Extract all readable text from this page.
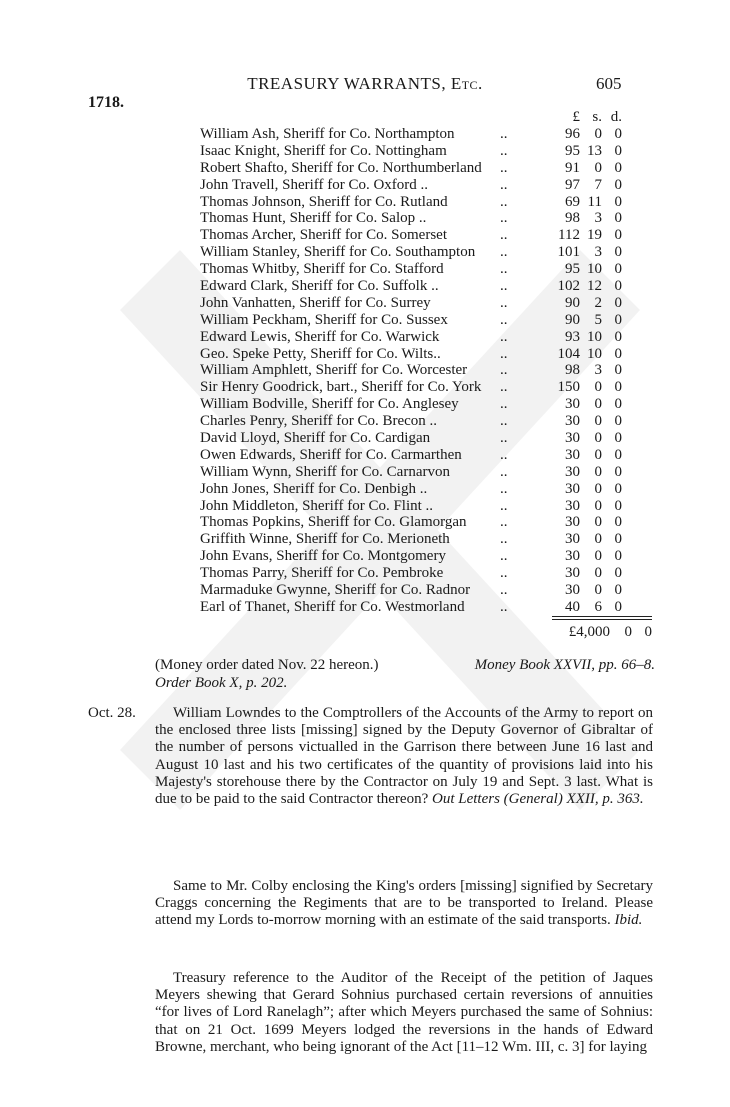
TREASURY WARRANTS, Etc.	605
1718.
£ s. d.
William Ash, Sheriff for Co. Northampton	..	96 0 0
Isaac Knight, Sheriff for Co. Nottingham	..	95 13 0
Robert Shafto, Sheriff for Co. Northumberland	..	91 0 0
John Travell, Sheriff for Co. Oxford ..	..	97 7 0
Thomas Johnson, Sheriff for Co. Rutland	..	69 11 0
Thomas Hunt, Sheriff for Co. Salop ..	..	98 3 0
Thomas Archer, Sheriff for Co. Somerset	..	112 19 0
William Stanley, Sheriff for Co. Southampton	..	101 3 0
Thomas Whitby, Sheriff for Co. Stafford	..	95 10 0
Edward Clark, Sheriff for Co. Suffolk ..	..	102 12 0
John Vanhatten, Sheriff for Co. Surrey	..	90 2 0
William Peckham, Sheriff for Co. Sussex	..	90 5 0
Edward Lewis, Sheriff for Co. Warwick	..	93 10 0
Geo. Speke Petty, Sheriff for Co. Wilts..	..	104 10 0
William Amphlett, Sheriff for Co. Worcester	..	98 3 0
Sir Henry Goodrick, bart., Sheriff for Co. York	..	150 0 0
William Bodville, Sheriff for Co. Anglesey	..	30 0 0
Charles Penry, Sheriff for Co. Brecon ..	..	30 0 0
David Lloyd, Sheriff for Co. Cardigan	..	30 0 0
Owen Edwards, Sheriff for Co. Carmarthen	..	30 0 0
William Wynn, Sheriff for Co. Carnarvon	..	30 0 0
John Jones, Sheriff for Co. Denbigh ..	..	30 0 0
John Middleton, Sheriff for Co. Flint ..	..	30 0 0
Thomas Popkins, Sheriff for Co. Glamorgan	..	30 0 0
Griffith Winne, Sheriff for Co. Merioneth	..	30 0 0
John Evans, Sheriff for Co. Montgomery	..	30 0 0
Thomas Parry, Sheriff for Co. Pembroke	..	30 0 0
Marmaduke Gwynne, Sheriff for Co. Radnor	..	30 0 0
Earl of Thanet, Sheriff for Co. Westmorland	..	40 6 0
£4,000 0 0
(Money order dated Nov. 22 hereon.)	Money Book XXVII, pp. 66–8.
Order Book X, p. 202.
Oct. 28.	William Lowndes to the Comptrollers of the Accounts of the Army to report on the enclosed three lists [missing] signed by the Deputy Governor of Gibraltar of the number of persons victualled in the Garrison there between June 16 last and August 10 last and his two certificates of the quantity of provisions laid into his Majesty's storehouse there by the Contractor on July 19 and Sept. 3 last. What is due to be paid to the said Contractor thereon? Out Letters (General) XXII, p. 363.

Same to Mr. Colby enclosing the King's orders [missing] signified by Secretary Craggs concerning the Regiments that are to be transported to Ireland. Please attend my Lords to-morrow morning with an estimate of the said transports. Ibid.

Treasury reference to the Auditor of the Receipt of the petition of Jaques Meyers shewing that Gerard Sohnius purchased certain reversions of annuities “for lives of Lord Ranelagh”; after which Meyers purchased the same of Sohnius: that on 21 Oct. 1699 Meyers lodged the reversions in the hands of Edward Browne, merchant, who being ignorant of the Act [11–12 Wm. III, c. 3] for laying
